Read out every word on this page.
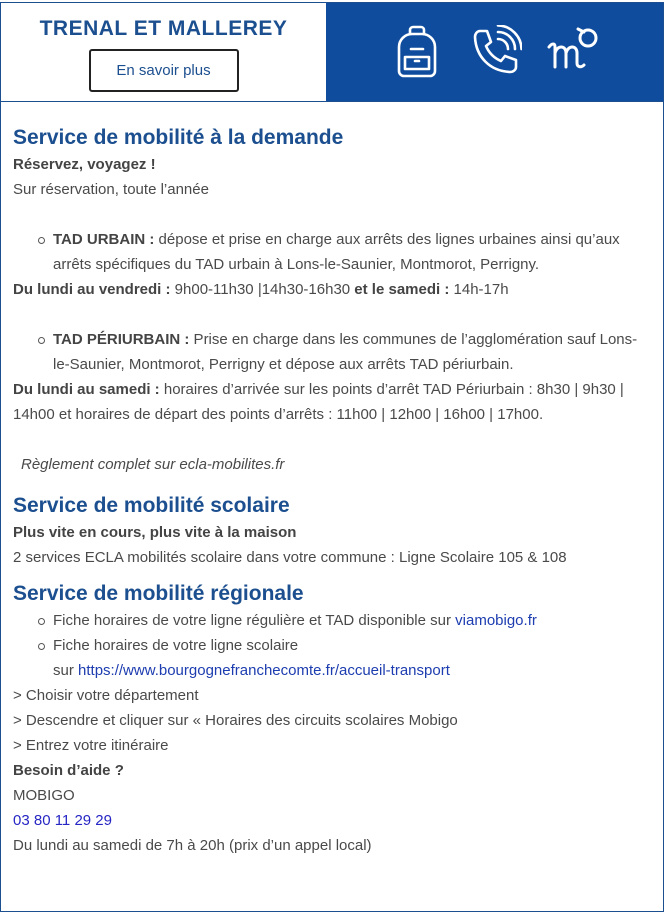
TRENAL ET MALLEREY
En savoir plus
Service de mobilité à la demande
Réservez, voyagez !
Sur réservation, toute l’année
TAD URBAIN : dépose et prise en charge aux arrêts des lignes urbaines ainsi qu’aux arrêts spécifiques du TAD urbain à Lons-le-Saunier, Montmorot, Perrigny.
Du lundi au vendredi : 9h00-11h30 |14h30-16h30 et le samedi : 14h-17h
TAD PÉRIURBAIN : Prise en charge dans les communes de l’agglomération sauf Lons-le-Saunier, Montmorot, Perrigny et dépose aux arrêts TAD périurbain.
Du lundi au samedi : horaires d’arrivée sur les points d’arrêt TAD Périurbain : 8h30 | 9h30 | 14h00 et horaires de départ des points d’arrêts : 11h00 | 12h00 | 16h00 | 17h00.
Règlement complet sur ecla-mobilites.fr
Service de mobilité scolaire
Plus vite en cours, plus vite à la maison
2 services ECLA mobilités scolaire dans votre commune : Ligne Scolaire 105 & 108
Service de mobilité régionale
Fiche horaires de votre ligne régulière et TAD disponible sur viamobigo.fr
Fiche horaires de votre ligne scolaire
sur https://www.bourgognefranchecomte.fr/accueil-transport
> Choisir votre département
> Descendre et cliquer sur « Horaires des circuits scolaires Mobigo
> Entrez votre itinéraire
Besoin d’aide ?
MOBIGO
03 80 11 29 29
Du lundi au samedi de 7h à 20h (prix d’un appel local)
